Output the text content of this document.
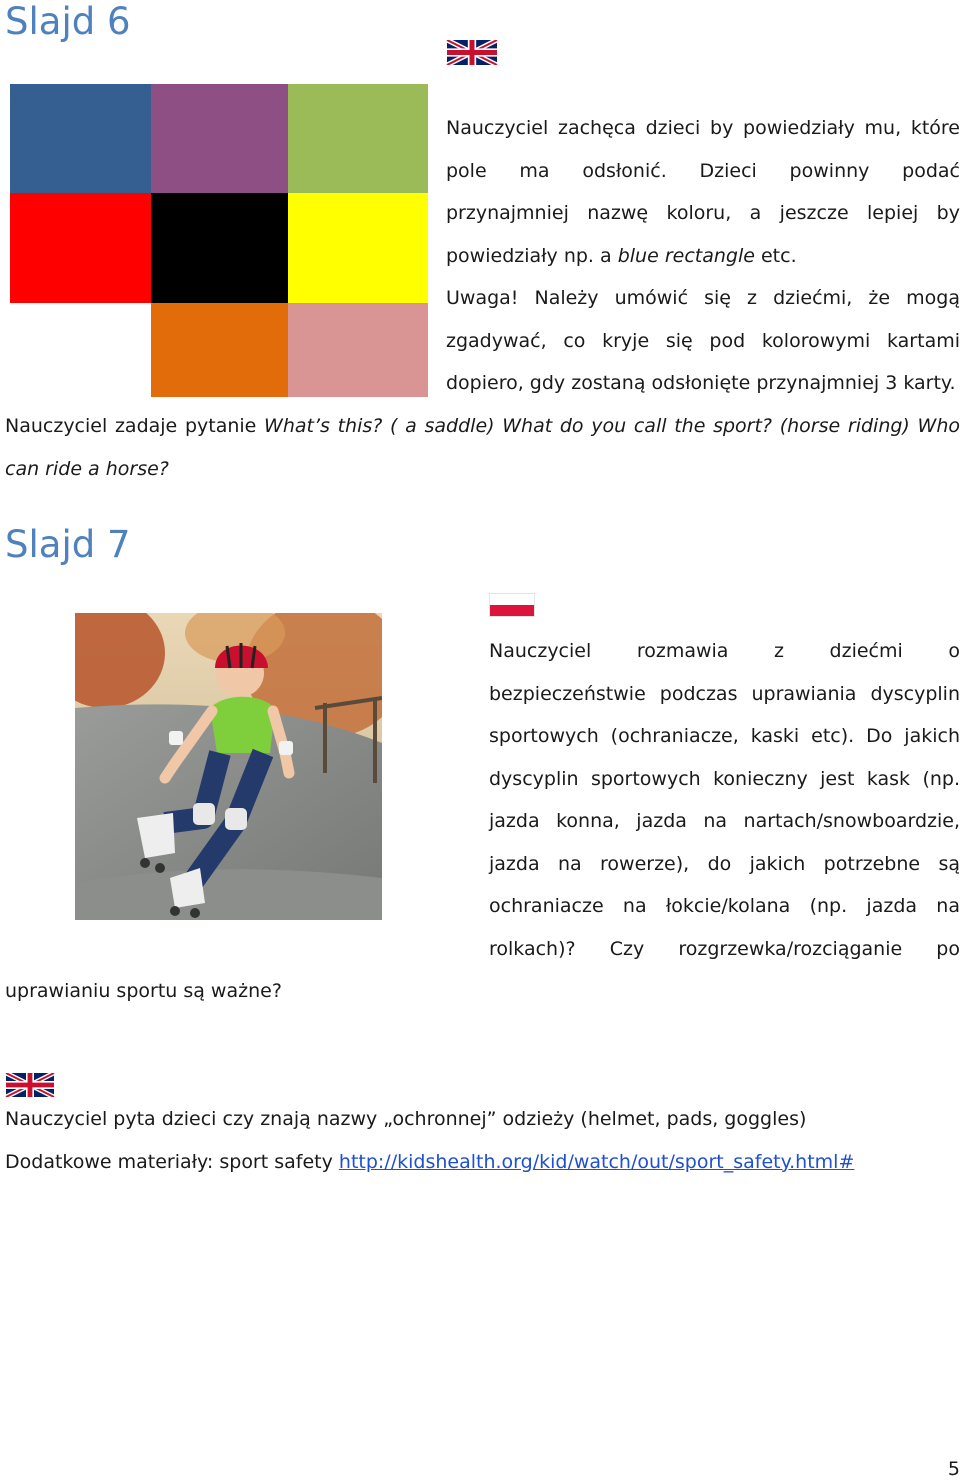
Slajd 6

Nauczyciel zachęca dzieci by powiedziały mu, które

pole ma odsłonić. Dzieci powinny podać

przynajmniej nazwę koloru, a jeszcze lepiej by

powiedziały np. a blue rectangle etc.

Uwaga! Należy umówić się z dziećmi, że mogą

zgadywać, co kryje się pod kolorowymi kartami

dopiero, gdy zostaną odsłonięte przynajmniej 3 karty.

Nauczyciel zadaje pytanie What’s this? ( a saddle) What do you call the sport? (horse riding) Who can ride a horse?

Slajd 7

Nauczyciel rozmawia z dziećmi o

bezpieczeństwie podczas uprawiania dyscyplin

sportowych (ochraniacze, kaski etc). Do jakich

dyscyplin sportowych konieczny jest kask (np.

jazda konna, jazda na nartach/snowboardzie,

jazda na rowerze), do jakich potrzebne są

ochraniacze na łokcie/kolana (np. jazda na

rolkach)? Czy rozgrzewka/rozciąganie po

uprawianiu sportu są ważne?

Nauczyciel pyta dzieci czy znają nazwy „ochronnej” odzieży (helmet, pads, goggles)

Dodatkowe materiały: sport safety http://kidshealth.org/kid/watch/out/sport_safety.html#

5
